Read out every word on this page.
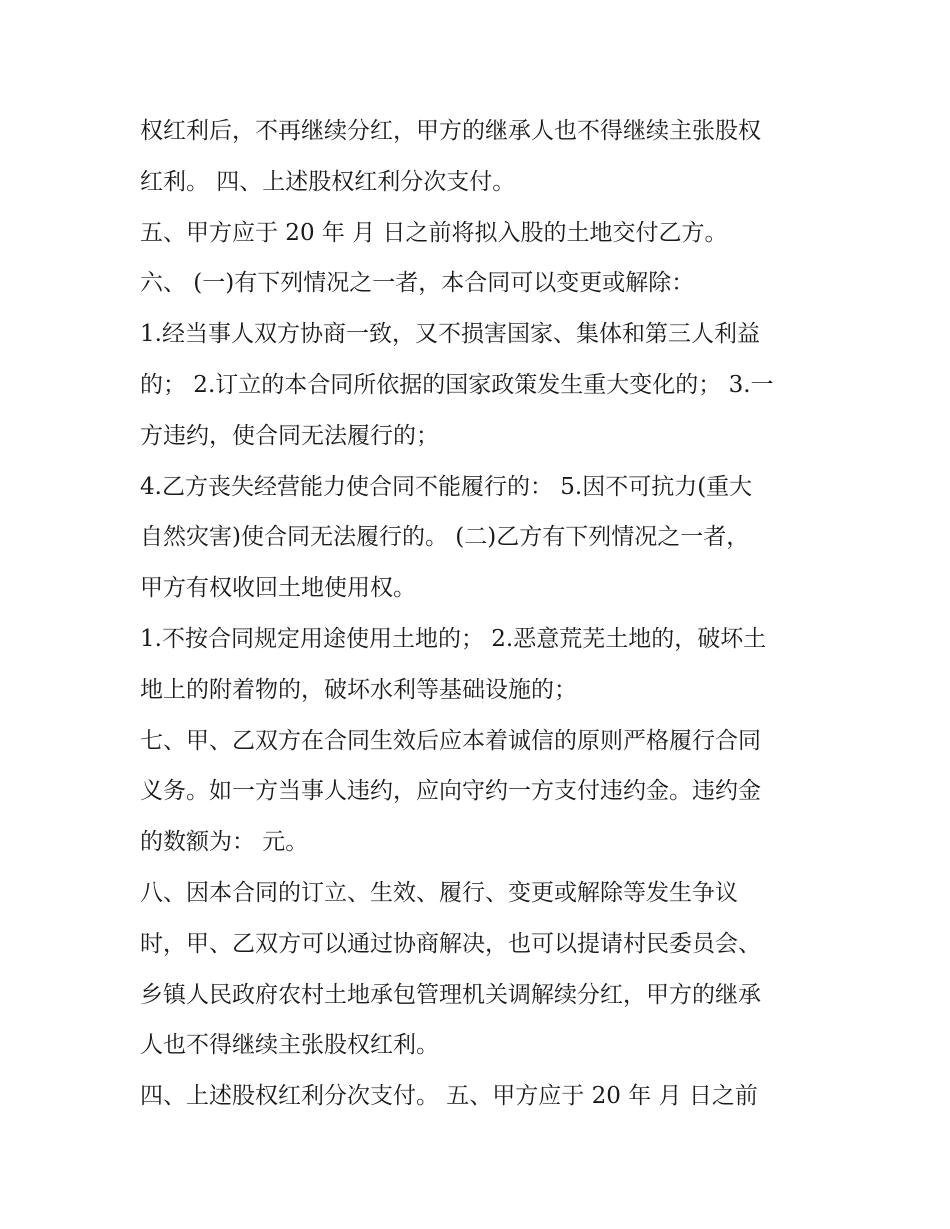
权红利后，不再继续分红，甲方的继承人也不得继续主张股权
红利。 四、上述股权红利分次支付。
五、甲方应于 20 年 月 日之前将拟入股的土地交付乙方。
六、 (一)有下列情况之一者，本合同可以变更或解除：
1.经当事人双方协商一致，又不损害国家、集体和第三人利益
的； 2.订立的本合同所依据的国家政策发生重大变化的； 3.一
方违约，使合同无法履行的；
4.乙方丧失经营能力使合同不能履行的： 5.因不可抗力(重大
自然灾害)使合同无法履行的。 (二)乙方有下列情况之一者，
甲方有权收回土地使用权。
1.不按合同规定用途使用土地的； 2.恶意荒芜土地的，破坏土
地上的附着物的，破坏水利等基础设施的；
七、甲、乙双方在合同生效后应本着诚信的原则严格履行合同
义务。如一方当事人违约，应向守约一方支付违约金。违约金
的数额为： 元。
八、因本合同的订立、生效、履行、变更或解除等发生争议
时，甲、乙双方可以通过协商解决，也可以提请村民委员会、
乡镇人民政府农村土地承包管理机关调解续分红，甲方的继承
人也不得继续主张股权红利。
四、上述股权红利分次支付。 五、甲方应于 20 年 月 日之前
